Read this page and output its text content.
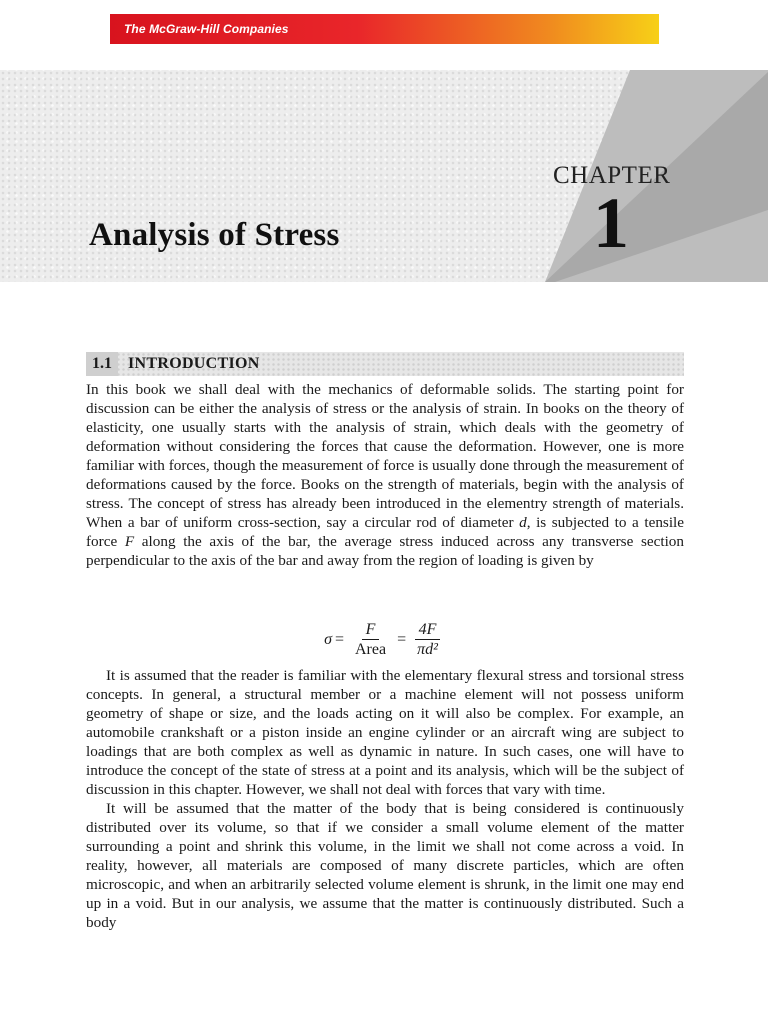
The McGraw-Hill Companies
CHAPTER
1
Analysis of Stress
1.1	INTRODUCTION

In this book we shall deal with the mechanics of deformable solids. The starting point for discussion can be either the analysis of stress or the analysis of strain. In books on the theory of elasticity, one usually starts with the analysis of strain, which deals with the geometry of deformation without considering the forces that cause the deformation. However, one is more familiar with forces, though the measurement of force is usually done through the measurement of deformations caused by the force. Books on the strength of materials, begin with the analysis of stress. The concept of stress has already been introduced in the elementry strength of materials. When a bar of uniform cross-section, say a circular rod of diameter d, is subjected to a tensile force F along the axis of the bar, the average stress induced across any transverse section perpendicular to the axis of the bar and away from the region of loading is given by

$\sigma = \frac{F}{\text{Area}} = \frac{4F}{\text{πd²}}$

It is assumed that the reader is familiar with the elementary flexural stress and torsional stress concepts. In general, a structural member or a machine element will not possess uniform geometry of shape or size, and the loads acting on it will also be complex. For example, an automobile crankshaft or a piston inside an engine cylinder or an aircraft wing are subject to loadings that are both complex as well as dynamic in nature. In such cases, one will have to introduce the concept of the state of stress at a point and its analysis, which will be the subject of discussion in this chapter. However, we shall not deal with forces that vary with time.

It will be assumed that the matter of the body that is being considered is continuously distributed over its volume, so that if we consider a small volume element of the matter surrounding a point and shrink this volume, in the limit we shall not come across a void. In reality, however, all materials are composed of many discrete particles, which are often microscopic, and when an arbitrarily selected volume element is shrunk, in the limit one may end up in a void. But in our analysis, we assume that the matter is continuously distributed. Such a body
